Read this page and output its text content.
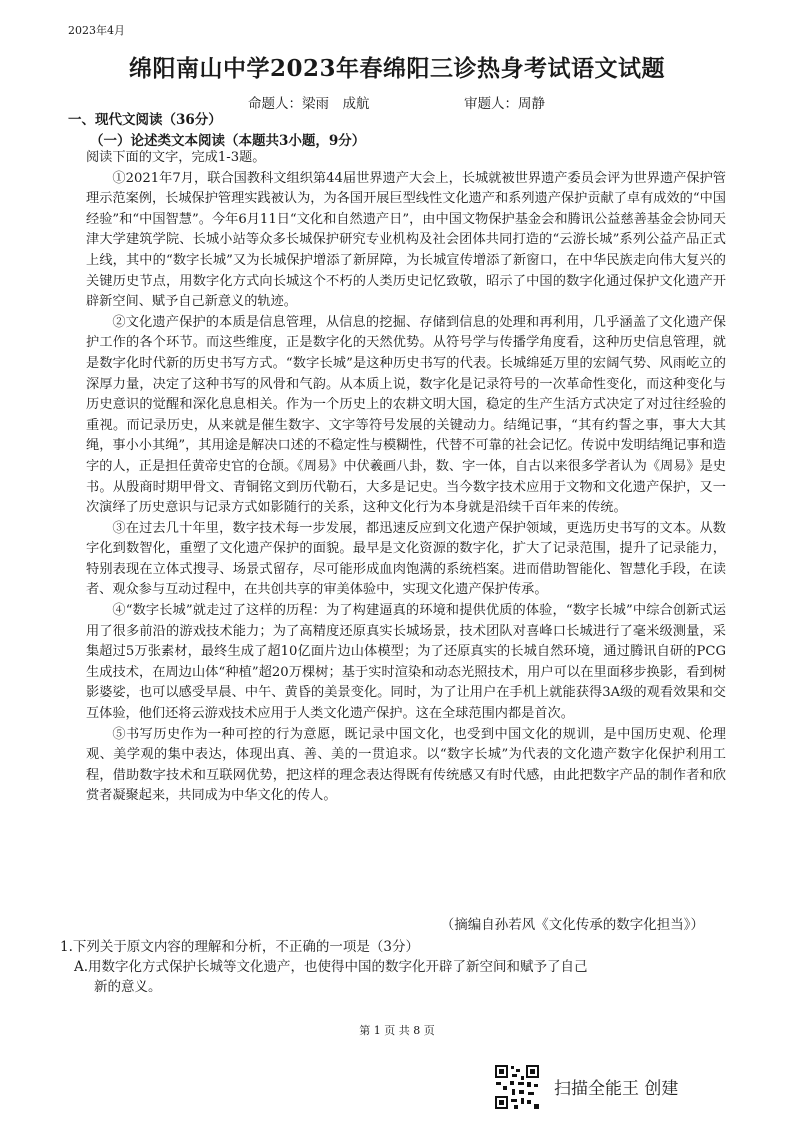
2023年4月
绵阳南山中学2023年春绵阳三诊热身考试语文试题
命题人：梁雨　成航	审题人：周静
一、现代文阅读（36分）
（一）论述类文本阅读（本题共3小题，9分）

阅读下面的文字，完成1-3题。

①2021年7月，联合国教科文组织第44届世界遗产大会上，长城就被世界遗产委员会评为世界遗产保护管理示范案例，长城保护管理实践被认为，为各国开展巨型线性文化遗产和系列遗产保护贡献了卓有成效的“中国经验”和“中国智慧”。今年6月11日“文化和自然遗产日”，由中国文物保护基金会和腾讯公益慈善基金会协同天津大学建筑学院、长城小站等众多长城保护研究专业机构及社会团体共同打造的“云游长城”系列公益产品正式上线，其中的“数字长城”又为长城保护增添了新屏障，为长城宣传增添了新窗口，在中华民族走向伟大复兴的关键历史节点，用数字化方式向长城这个不朽的人类历史记忆致敬，昭示了中国的数字化通过保护文化遗产开辟新空间、赋予自己新意义的轨迹。

②文化遗产保护的本质是信息管理，从信息的挖掘、存储到信息的处理和再利用，几乎涵盖了文化遗产保护工作的各个环节。而这些维度，正是数字化的天然优势。从符号学与传播学角度看，这种历史信息管理，就是数字化时代新的历史书写方式。“数字长城”是这种历史书写的代表。长城绵延万里的宏阔气势、风雨屹立的深厚力量，决定了这种书写的风骨和气韵。从本质上说，数字化是记录符号的一次革命性变化，而这种变化与历史意识的觉醒和深化息息相关。作为一个历史上的农耕文明大国，稳定的生产生活方式决定了对过往经验的重视。而记录历史，从来就是催生数字、文字等符号发展的关键动力。结绳记事，“其有约誓之事，事大大其绳，事小小其绳”，其用途是解决口述的不稳定性与模糊性，代替不可靠的社会记忆。传说中发明结绳记事和造字的人，正是担任黄帝史官的仓颉。《周易》中伏羲画八卦，数、字一体，自古以来很多学者认为《周易》是史书。从殷商时期甲骨文、青铜铭文到历代勒石，大多是记史。当今数字技术应用于文物和文化遗产保护，又一次演绎了历史意识与记录方式如影随行的关系，这种文化行为本身就是沿续千百年来的传统。

③在过去几十年里，数字技术每一步发展，都迅速反应到文化遗产保护领域，更选历史书写的文本。从数字化到数智化，重塑了文化遗产保护的面貌。最早是文化资源的数字化，扩大了记录范围，提升了记录能力，特别表现在立体式搜寻、场景式留存，尽可能形成血肉饱满的系统档案。进而借助智能化、智慧化手段，在读者、观众参与互动过程中，在共创共享的审美体验中，实现文化遗产保护传承。

④“数字长城”就走过了这样的历程：为了构建逼真的环境和提供优质的体验，“数字长城”中综合创新式运用了很多前沿的游戏技术能力；为了高精度还原真实长城场景，技术团队对喜峰口长城进行了毫米级测量，采集超过5万张素材，最终生成了超10亿面片边山体模型；为了还原真实的长城自然环境，通过腾讯自研的PCG生成技术，在周边山体“种植”超20万棵树；基于实时渲染和动态光照技术，用户可以在里面移步换影，看到树影婆娑，也可以感受早晨、中午、黄昏的美景变化。同时，为了让用户在手机上就能获得3A级的观看效果和交互体验，他们还将云游戏技术应用于人类文化遗产保护。这在全球范围内都是首次。

⑤书写历史作为一种可控的行为意愿，既记录中国文化，也受到中国文化的规训，是中国历史观、伦理观、美学观的集中表达，体现出真、善、美的一贯追求。以“数字长城”为代表的文化遗产数字化保护利用工程，借助数字技术和互联网优势，把这样的理念表达得既有传统感又有时代感，由此把数字产品的制作者和欣赏者凝聚起来，共同成为中华文化的传人。

（摘编自孙若风《文化传承的数字化担当》）
1.下列关于原文内容的理解和分析，不正确的一项是（3分）
A.用数字化方式保护长城等文化遗产，也使得中国的数字化开辟了新空间和赋予了自己
新的意义。
第 1 页 共 8 页
扫描全能王 创建
